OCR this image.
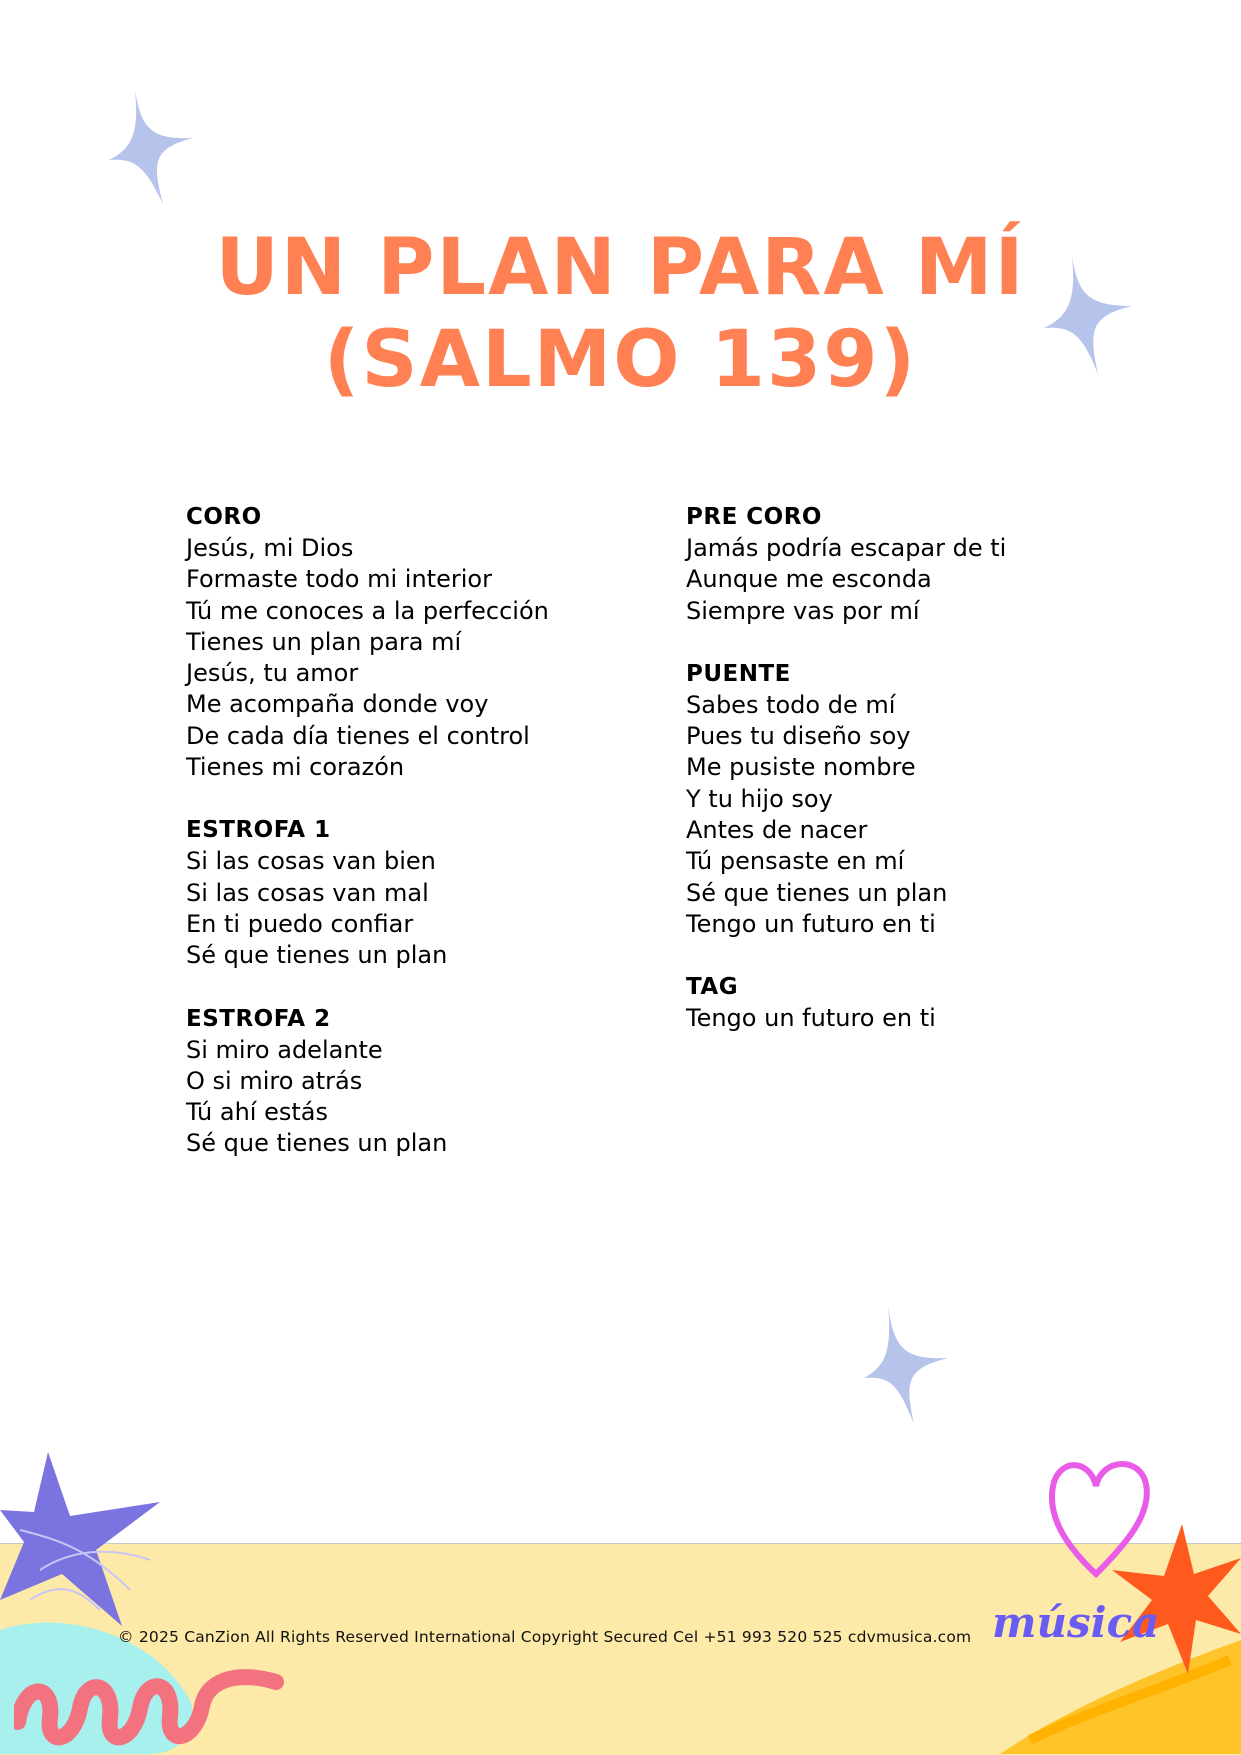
UN PLAN PARA MÍ
(SALMO 139)
CORO
Jesús, mi Dios
Formaste todo mi interior
Tú me conoces a la perfección
Tienes un plan para mí
Jesús, tu amor
Me acompaña donde voy
De cada día tienes el control
Tienes mi corazón
ESTROFA 1
Si las cosas van bien
Si las cosas van mal
En ti puedo confiar
Sé que tienes un plan
ESTROFA 2
Si miro adelante
O si miro atrás
Tú ahí estás
Sé que tienes un plan
PRE CORO
Jamás podría escapar de ti
Aunque me esconda
Siempre vas por mí
PUENTE
Sabes todo de mí
Pues tu diseño soy
Me pusiste nombre
Y tu hijo soy
Antes de nacer
Tú pensaste en mí
Sé que tienes un plan
Tengo un futuro en ti
TAG
Tengo un futuro en ti
© 2025 CanZion All Rights Reserved International Copyright Secured Cel +51 993 520 525 cdvmusica.com música
